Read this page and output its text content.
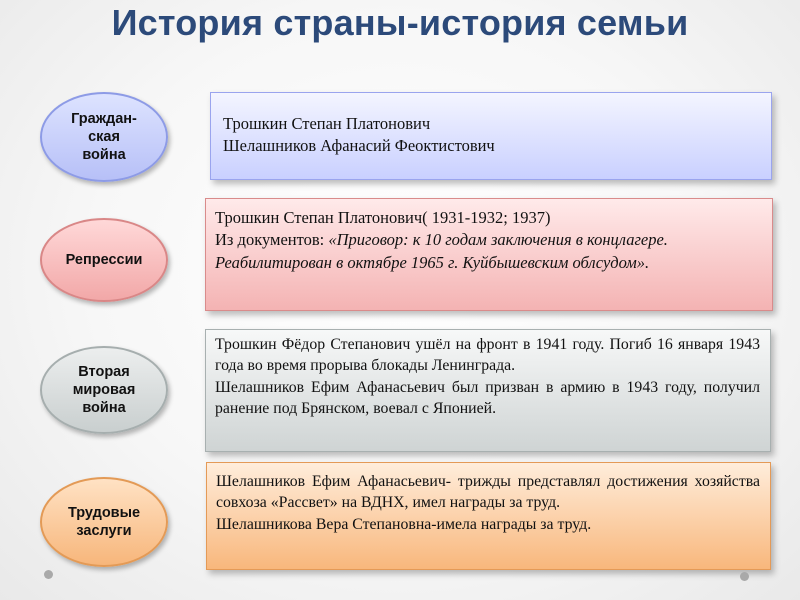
История страны-история семьи
Граждан-
ская
война
Трошкин Степан Платонович
Шелашников Афанасий Феоктистович
Репрессии
Трошкин Степан Платонович( 1931-1932; 1937)
Из документов: «Приговор: к 10 годам заключения в концлагере. Реабилитирован в октябре 1965 г. Куйбышевским облсудом».
Вторая
мировая
война
Трошкин Фёдор Степанович ушёл на фронт в 1941 году. Погиб 16 января 1943 года во время прорыва блокады Ленинграда.
Шелашников Ефим Афанасьевич был призван в армию в 1943 году, получил ранение под Брянском, воевал с Японией.
Трудовые
заслуги
Шелашников Ефим Афанасьевич- трижды представлял достижения хозяйства совхоза «Рассвет» на ВДНХ, имел награды за труд.
Шелашникова Вера Степановна-имела награды за труд.
